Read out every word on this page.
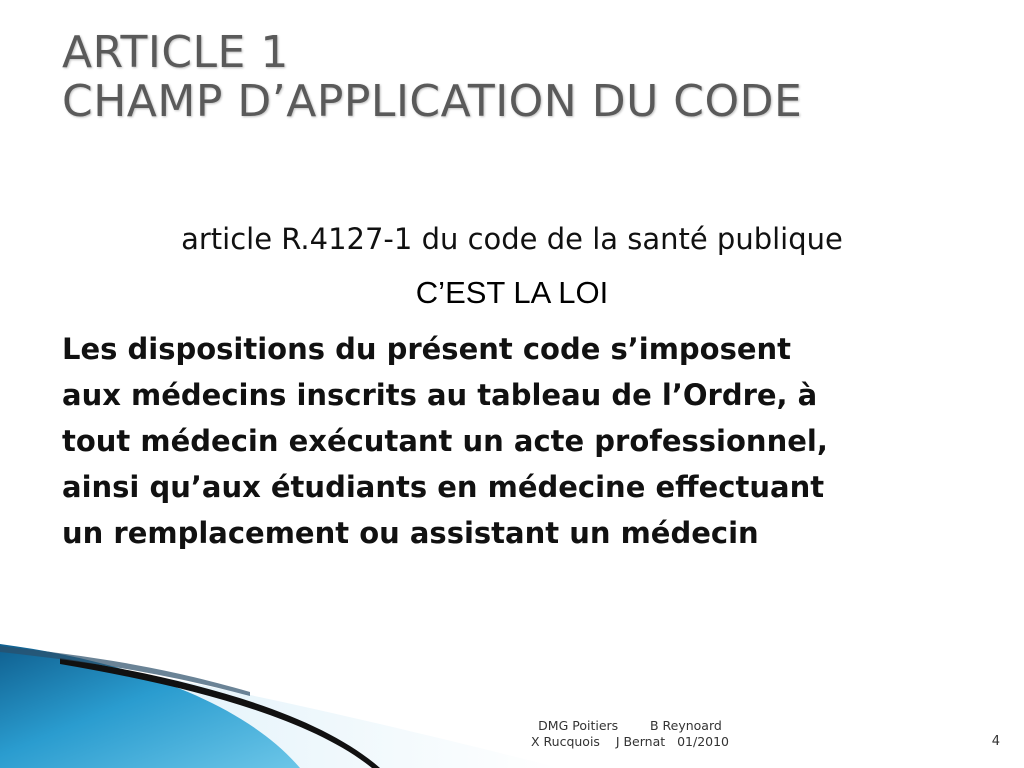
ARTICLE 1
CHAMP D’APPLICATION DU CODE
article R.4127-1 du code de la santé publique
C’EST LA LOI
Les dispositions du présent code s’imposent
aux médecins inscrits au tableau de l’Ordre, à
tout médecin exécutant un acte professionnel,
ainsi qu’aux étudiants en médecine effectuant
un remplacement ou assistant un médecin
DMG Poitiers        B Reynoard
X Rucquois    J Bernat   01/2010	4
